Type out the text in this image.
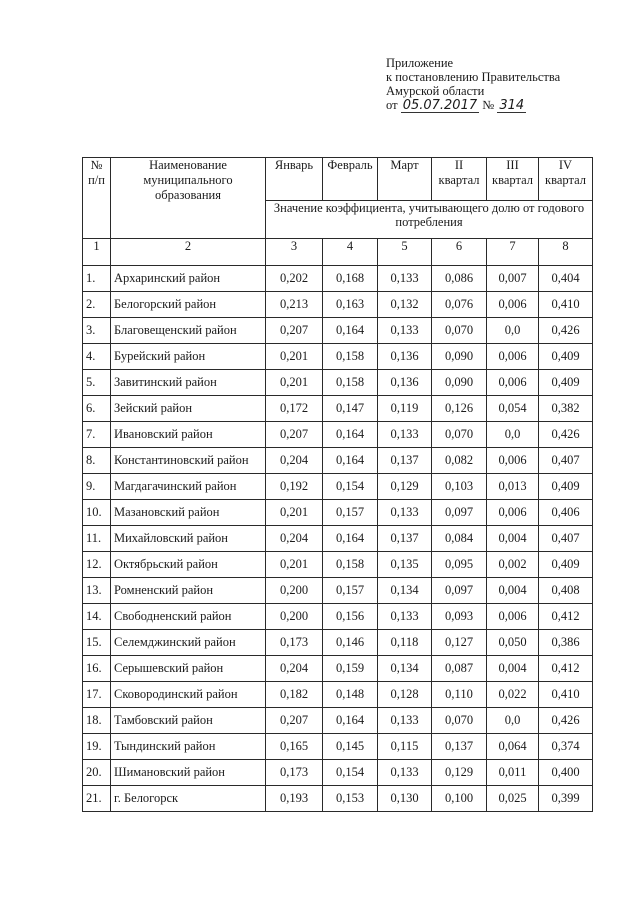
Приложение
к постановлению Правительства
Амурской области
от 05.07.2017 № 314
№ п/п	Наименование муниципального образования	Январь	Февраль	Март	II квартал	III квартал	IV квартал
		Значение коэффициента, учитывающего долю от годового потребления					
1	2	3	4	5	6	7	8
1.	Архаринский район	0,202	0,168	0,133	0,086	0,007	0,404
2.	Белогорский район	0,213	0,163	0,132	0,076	0,006	0,410
3.	Благовещенский район	0,207	0,164	0,133	0,070	0,0	0,426
4.	Бурейский район	0,201	0,158	0,136	0,090	0,006	0,409
5.	Завитинский район	0,201	0,158	0,136	0,090	0,006	0,409
6.	Зейский район	0,172	0,147	0,119	0,126	0,054	0,382
7.	Ивановский район	0,207	0,164	0,133	0,070	0,0	0,426
8.	Константиновский район	0,204	0,164	0,137	0,082	0,006	0,407
9.	Магдагачинский район	0,192	0,154	0,129	0,103	0,013	0,409
10.	Мазановский район	0,201	0,157	0,133	0,097	0,006	0,406
11.	Михайловский район	0,204	0,164	0,137	0,084	0,004	0,407
12.	Октябрьский район	0,201	0,158	0,135	0,095	0,002	0,409
13.	Ромненский район	0,200	0,157	0,134	0,097	0,004	0,408
14.	Свободненский район	0,200	0,156	0,133	0,093	0,006	0,412
15.	Селемджинский район	0,173	0,146	0,118	0,127	0,050	0,386
16.	Серышевский район	0,204	0,159	0,134	0,087	0,004	0,412
17.	Сковородинский район	0,182	0,148	0,128	0,110	0,022	0,410
18.	Тамбовский район	0,207	0,164	0,133	0,070	0,0	0,426
19.	Тындинский район	0,165	0,145	0,115	0,137	0,064	0,374
20.	Шимановский район	0,173	0,154	0,133	0,129	0,011	0,400
21.	г. Белогорск	0,193	0,153	0,130	0,100	0,025	0,399
